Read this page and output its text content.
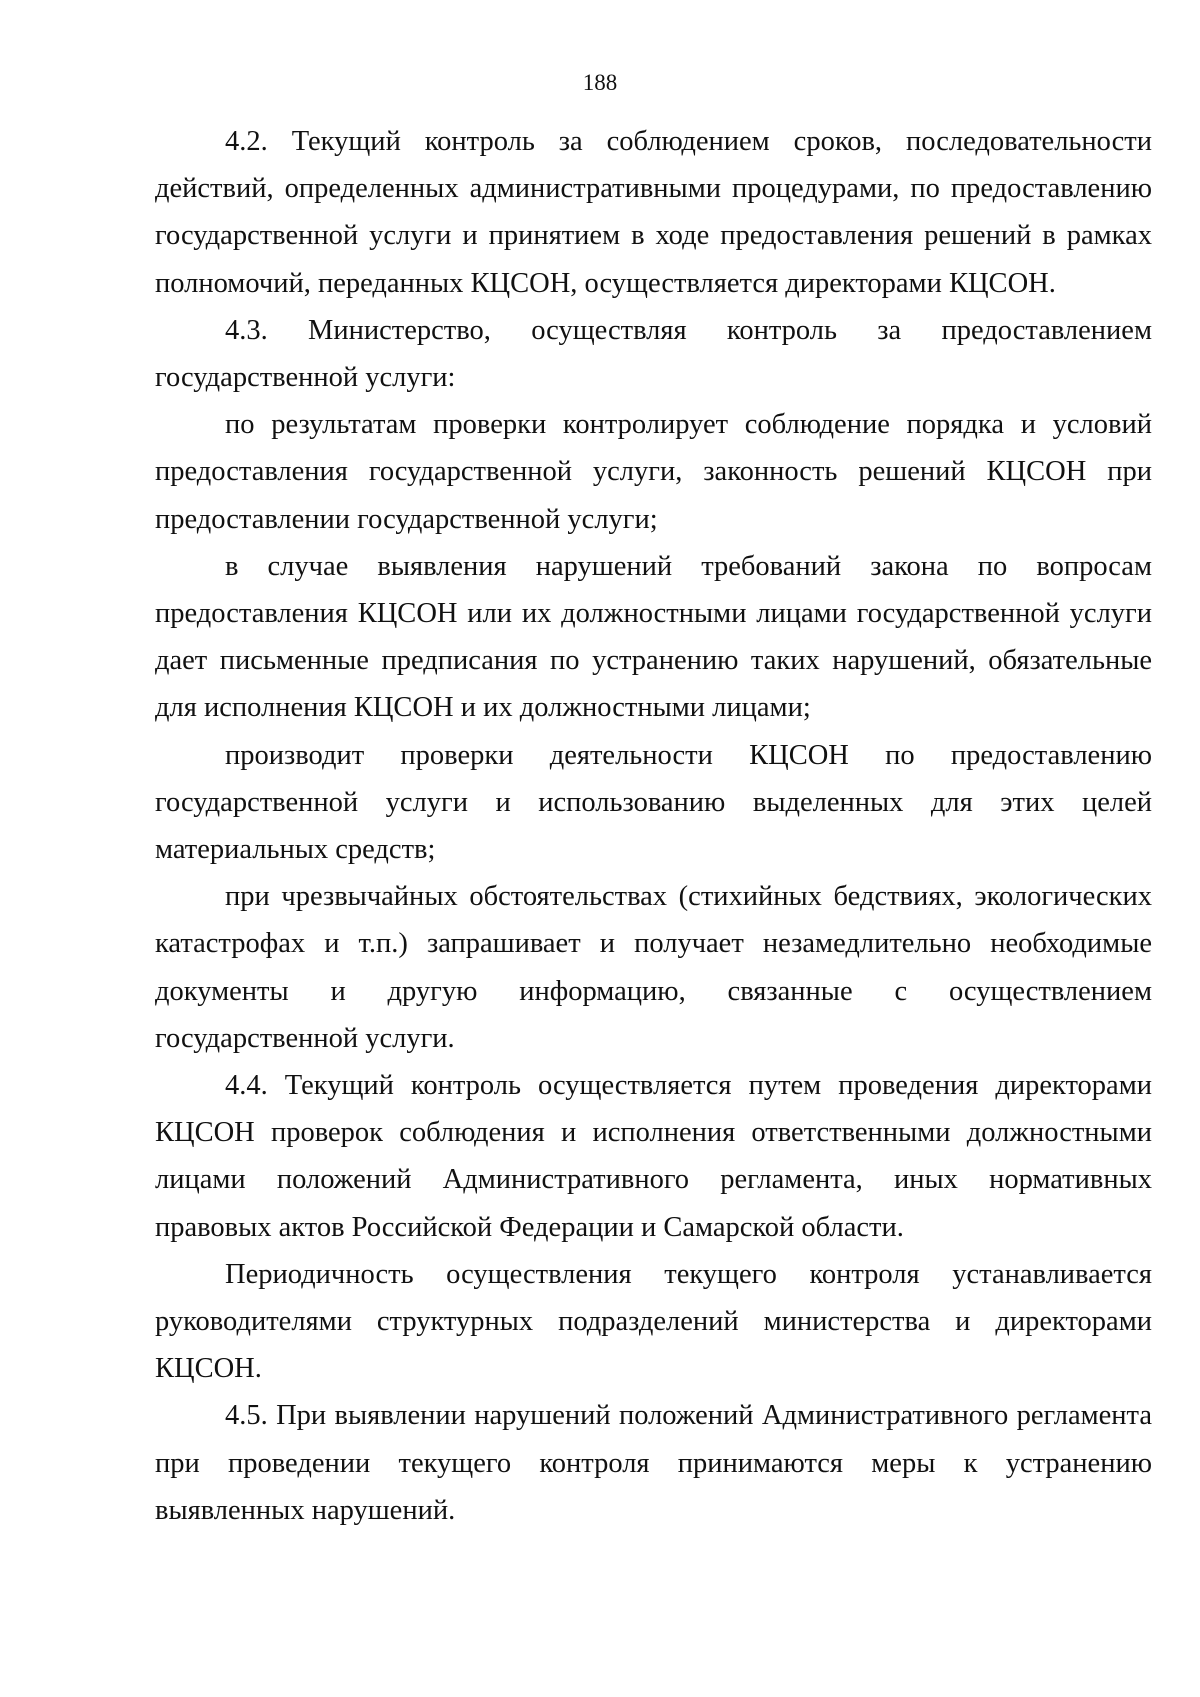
188

4.2. Текущий контроль за соблюдением сроков, последовательности действий, определенных административными процедурами, по предоставлению государственной услуги и принятием в ходе предоставления решений в рамках полномочий, переданных КЦСОН, осуществляется директорами КЦСОН.

4.3. Министерство, осуществляя контроль за предоставлением государственной услуги:

по результатам проверки контролирует соблюдение порядка и условий предоставления государственной услуги, законность решений КЦСОН при предоставлении государственной услуги;

в случае выявления нарушений требований закона по вопросам предоставления КЦСОН или их должностными лицами государственной услуги дает письменные предписания по устранению таких нарушений, обязательные для исполнения КЦСОН и их должностными лицами;

производит проверки деятельности КЦСОН по предоставлению государственной услуги и использованию выделенных для этих целей материальных средств;

при чрезвычайных обстоятельствах (стихийных бедствиях, экологических катастрофах и т.п.) запрашивает и получает незамедлительно необходимые документы и другую информацию, связанные с осуществлением государственной услуги.

4.4. Текущий контроль осуществляется путем проведения директорами КЦСОН проверок соблюдения и исполнения ответственными должностными лицами положений Административного регламента, иных нормативных правовых актов Российской Федерации и Самарской области.

Периодичность осуществления текущего контроля устанавливается руководителями структурных подразделений министерства и директорами КЦСОН.

4.5. При выявлении нарушений положений Административного регламента при проведении текущего контроля принимаются меры к устранению выявленных нарушений.
